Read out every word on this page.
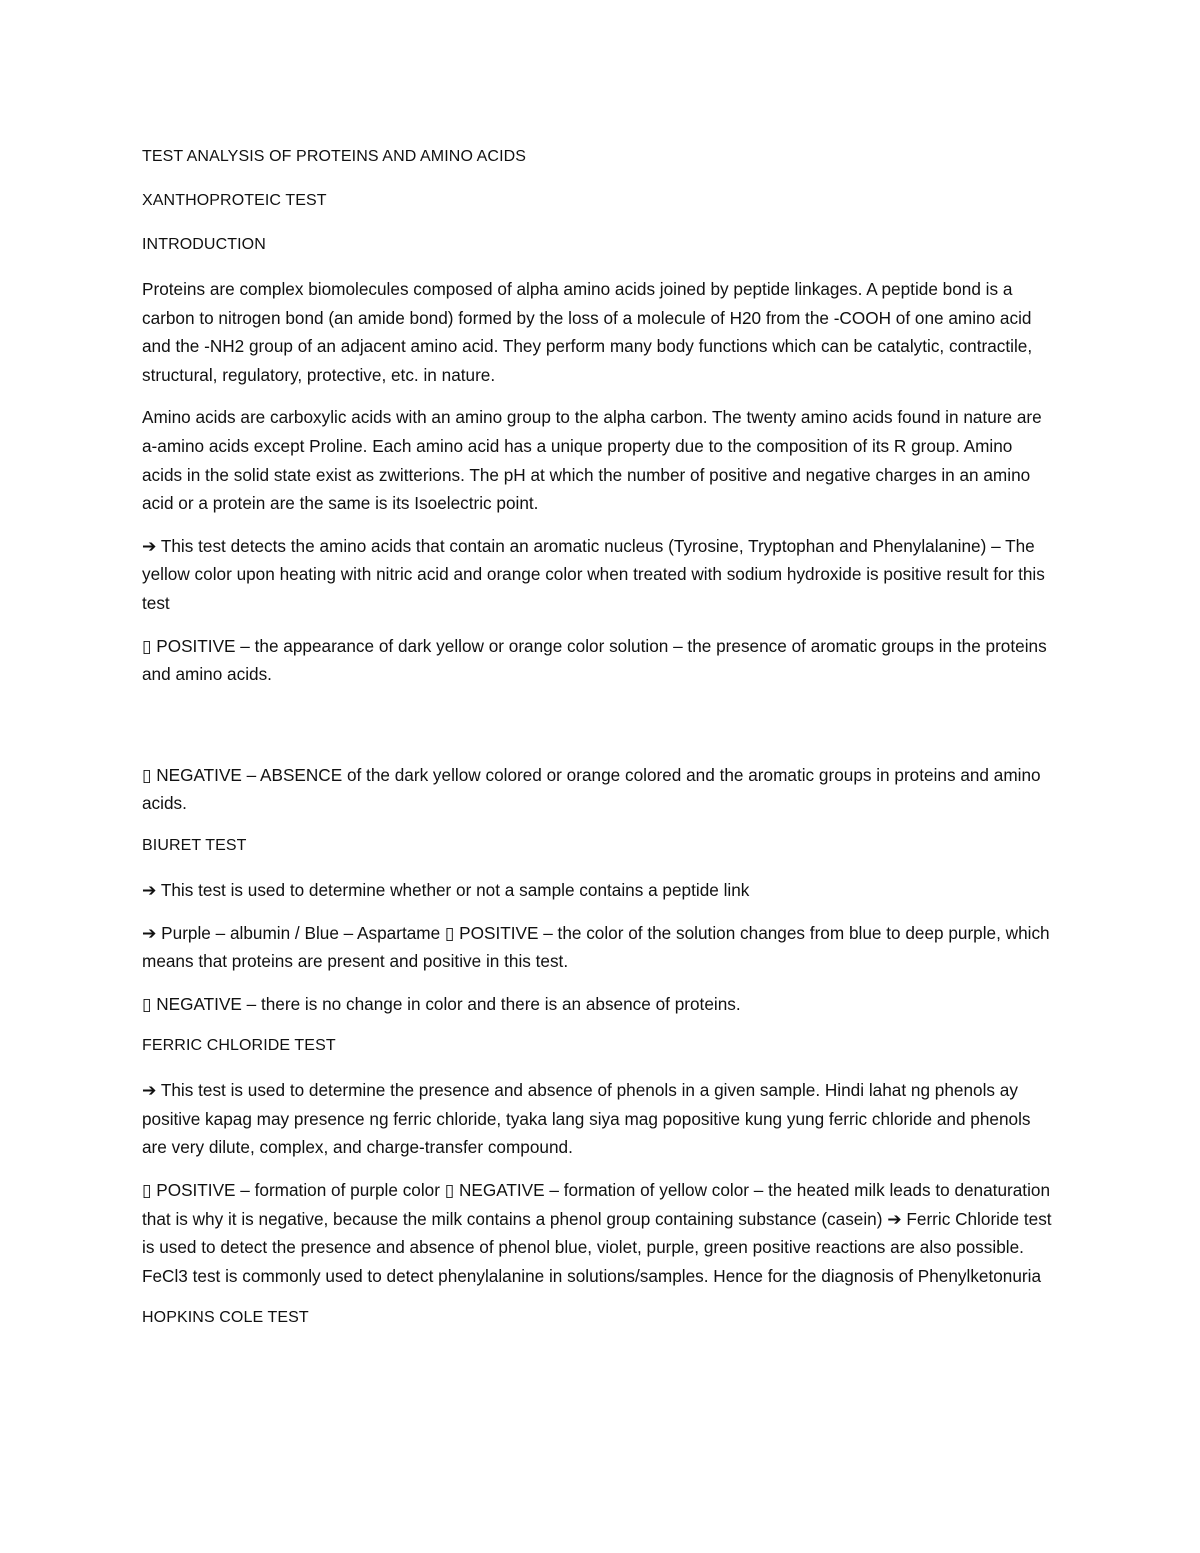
TEST ANALYSIS OF PROTEINS AND AMINO ACIDS
XANTHOPROTEIC TEST
INTRODUCTION

Proteins are complex biomolecules composed of alpha amino acids joined by peptide linkages. A peptide bond is a carbon to nitrogen bond (an amide bond) formed by the loss of a molecule of H20 from the -COOH of one amino acid and the -NH2 group of an adjacent amino acid. They perform many body functions which can be catalytic, contractile, structural, regulatory, protective, etc. in nature.

Amino acids are carboxylic acids with an amino group to the alpha carbon. The twenty amino acids found in nature are a-amino acids except Proline. Each amino acid has a unique property due to the composition of its R group. Amino acids in the solid state exist as zwitterions. The pH at which the number of positive and negative charges in an amino acid or a protein are the same is its Isoelectric point.

➔ This test detects the amino acids that contain an aromatic nucleus (Tyrosine, Tryptophan and Phenylalanine) – The yellow color upon heating with nitric acid and orange color when treated with sodium hydroxide is positive result for this test

▯ POSITIVE – the appearance of dark yellow or orange color solution – the presence of aromatic groups in the proteins and amino acids.

▯ NEGATIVE – ABSENCE of the dark yellow colored or orange colored and the aromatic groups in proteins and amino acids.

BIURET TEST

➔ This test is used to determine whether or not a sample contains a peptide link

➔ Purple – albumin / Blue – Aspartame ▯ POSITIVE – the color of the solution changes from blue to deep purple, which means that proteins are present and positive in this test.

▯ NEGATIVE – there is no change in color and there is an absence of proteins.

FERRIC CHLORIDE TEST

➔ This test is used to determine the presence and absence of phenols in a given sample. Hindi lahat ng phenols ay positive kapag may presence ng ferric chloride, tyaka lang siya mag popositive kung yung ferric chloride and phenols are very dilute, complex, and charge-transfer compound.

▯ POSITIVE – formation of purple color ▯ NEGATIVE – formation of yellow color – the heated milk leads to denaturation that is why it is negative, because the milk contains a phenol group containing substance (casein) ➔ Ferric Chloride test is used to detect the presence and absence of phenol blue, violet, purple, green positive reactions are also possible. FeCl3 test is commonly used to detect phenylalanine in solutions/samples. Hence for the diagnosis of Phenylketonuria

HOPKINS COLE TEST
